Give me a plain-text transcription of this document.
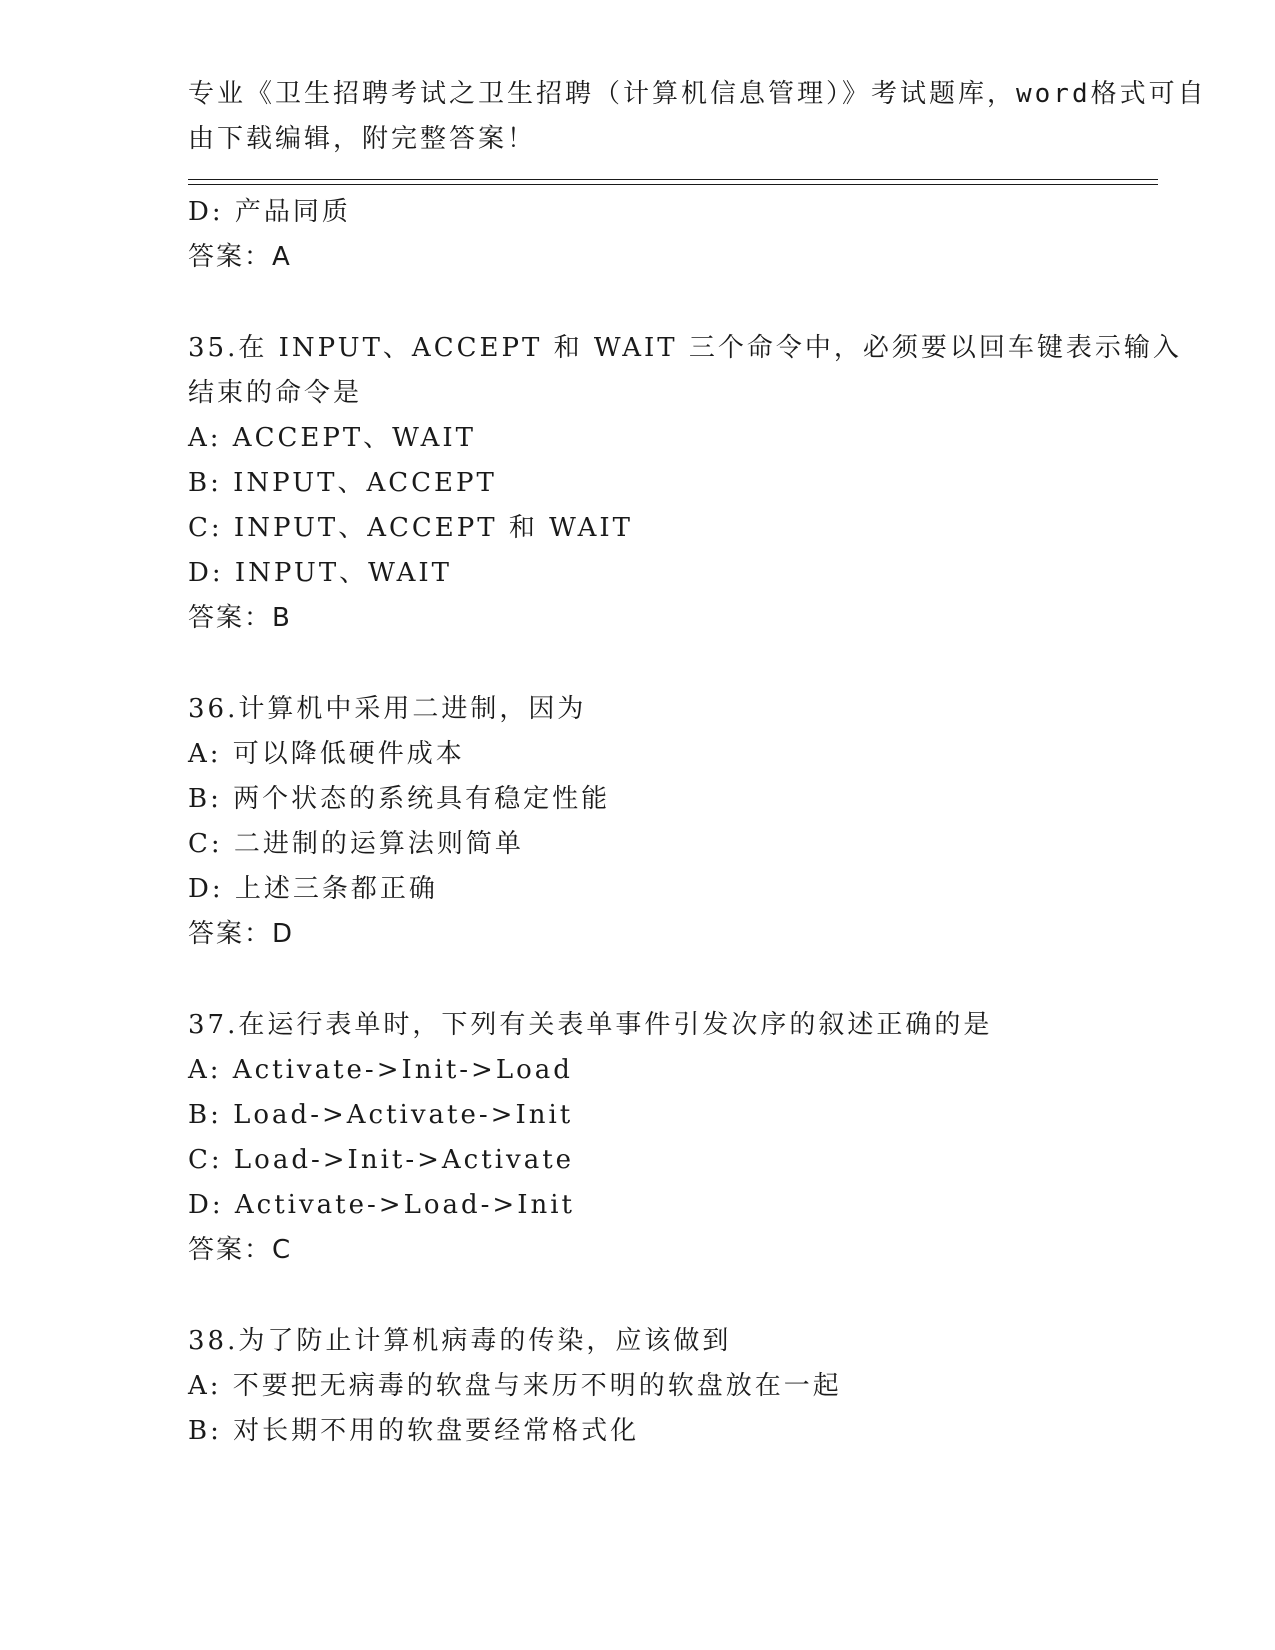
专业《卫生招聘考试之卫生招聘（计算机信息管理）》考试题库，word格式可自
由下载编辑，附完整答案！
D: 产品同质
答案：A
35.在 INPUT、ACCEPT 和 WAIT 三个命令中，必须要以回车键表示输入
结束的命令是
A: ACCEPT、WAIT
B: INPUT、ACCEPT
C: INPUT、ACCEPT 和 WAIT
D: INPUT、WAIT
答案：B
36.计算机中采用二进制，因为
A: 可以降低硬件成本
B: 两个状态的系统具有稳定性能
C: 二进制的运算法则简单
D: 上述三条都正确
答案：D
37.在运行表单时，下列有关表单事件引发次序的叙述正确的是
A: Activate->Init->Load
B: Load->Activate->Init
C: Load->Init->Activate
D: Activate->Load->Init
答案：C
38.为了防止计算机病毒的传染，应该做到
A: 不要把无病毒的软盘与来历不明的软盘放在一起
B: 对长期不用的软盘要经常格式化
